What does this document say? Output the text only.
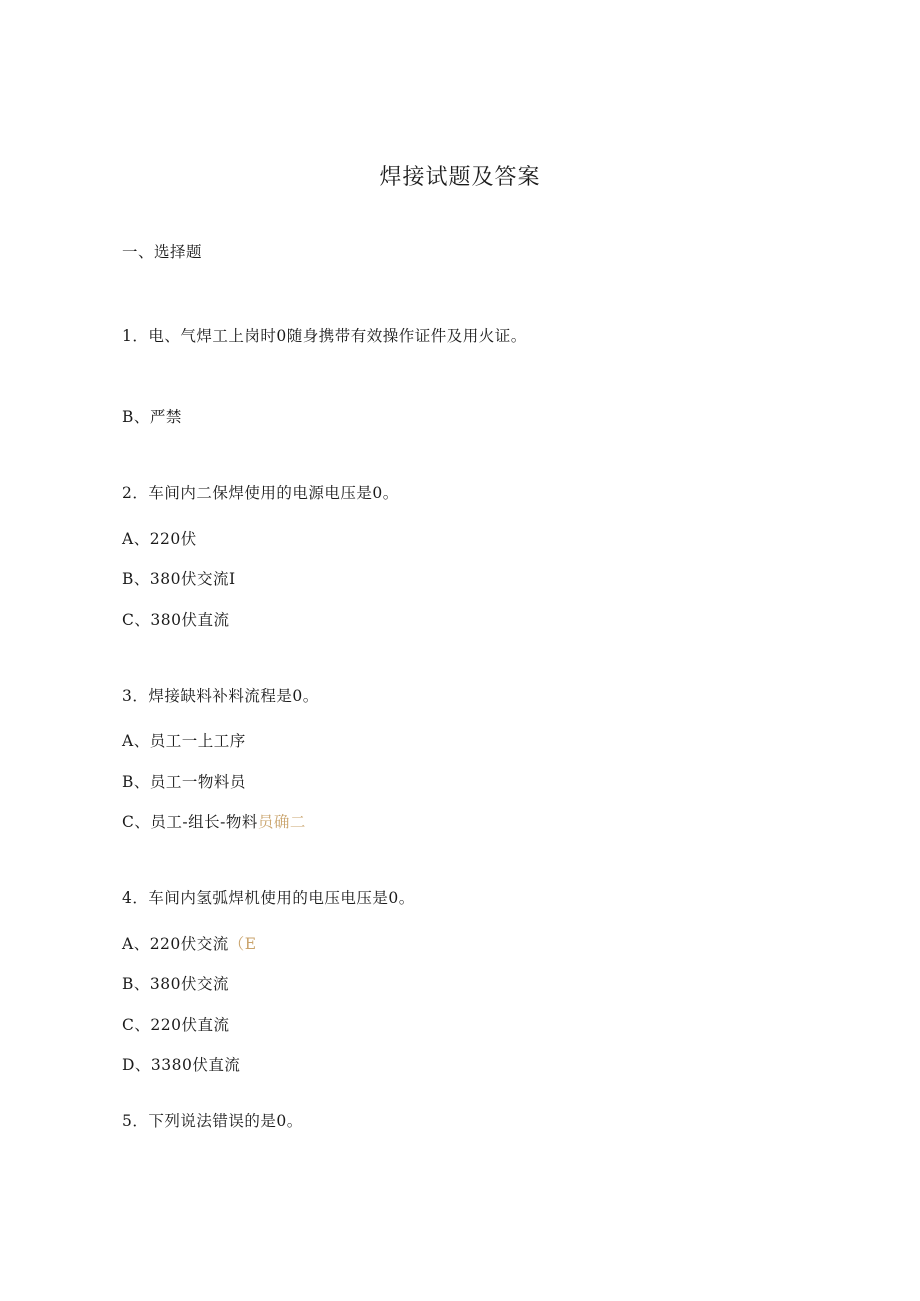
焊接试题及答案
一、选择题
1．电、气焊工上岗时0随身携带有效操作证件及用火证。
B、严禁
2．车间内二保焊使用的电源电压是0。
A、220伏
B、380伏交流I
C、380伏直流
3．焊接缺料补料流程是0。
A、员工一上工序
B、员工一物料员
C、员工-组长-物料员确二
4．车间内氢弧焊机使用的电压电压是0。
A、220伏交流（E
B、380伏交流
C、220伏直流
D、3380伏直流
5．下列说法错误的是0。
